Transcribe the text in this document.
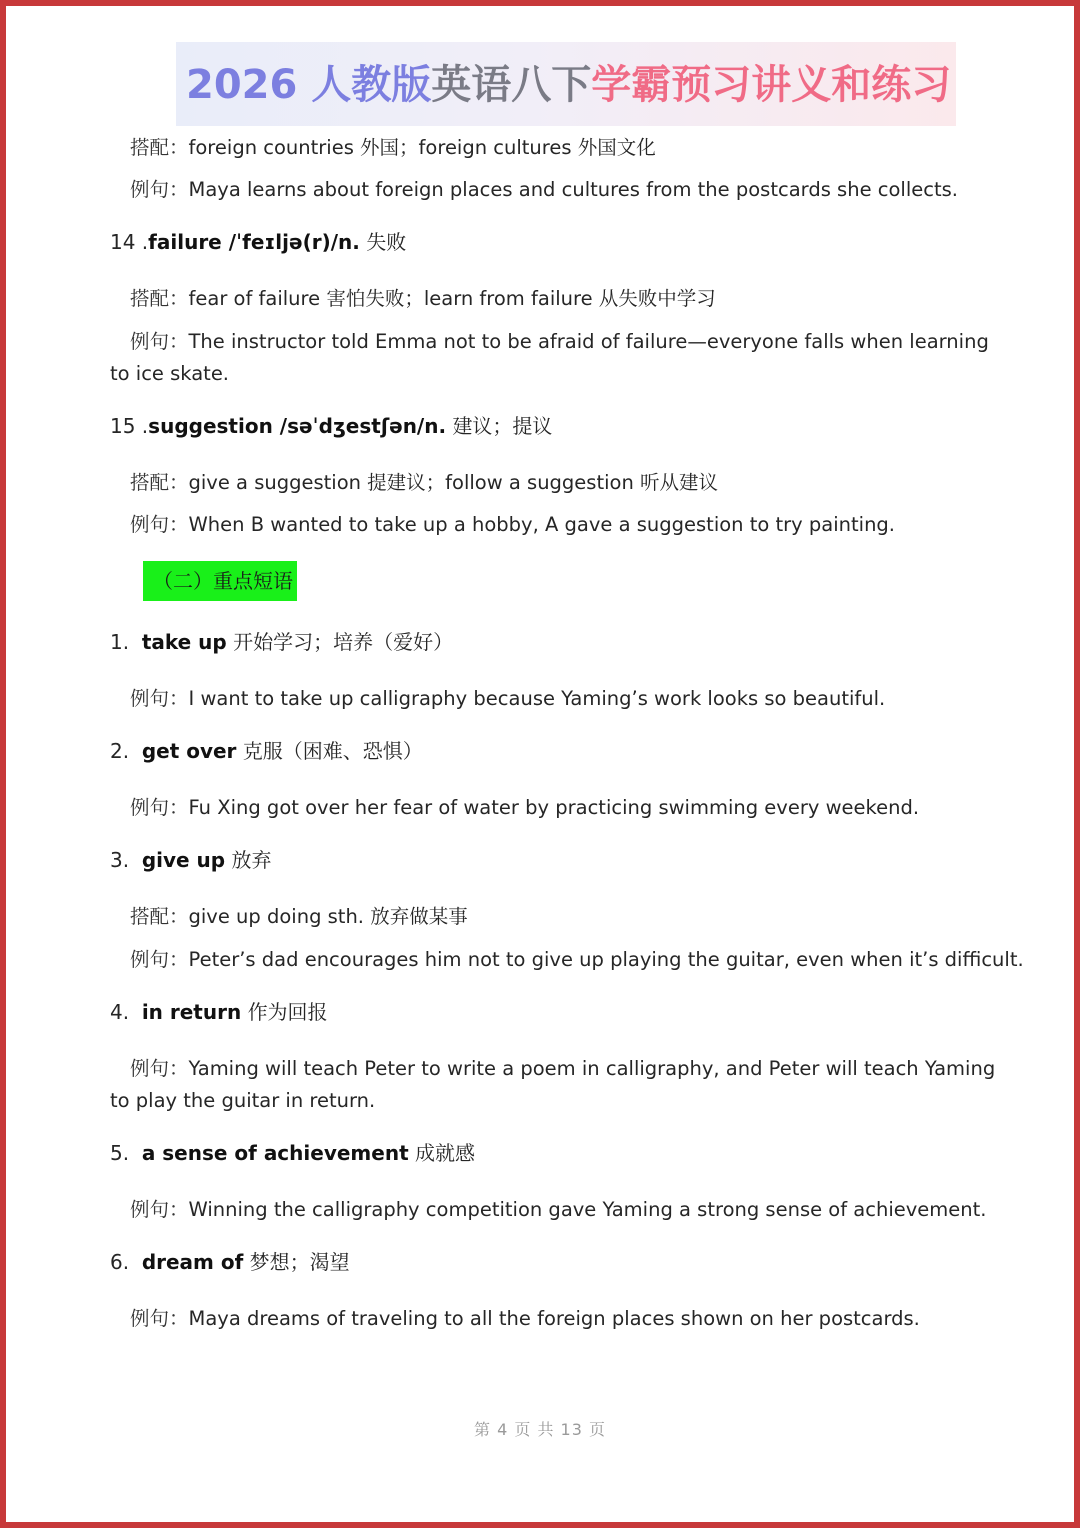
2026 人教版英语八下学霸预习讲义和练习
搭配：foreign countries 外国；foreign cultures 外国文化
例句：Maya learns about foreign places and cultures from the postcards she collects.
14 .failure /ˈfeɪljə(r)/n. 失败
搭配：fear of failure 害怕失败；learn from failure 从失败中学习
例句：The instructor told Emma not to be afraid of failure—everyone falls when learning
to ice skate.
15 .suggestion /səˈdʒestʃən/n. 建议；提议
搭配：give a suggestion 提建议；follow a suggestion 听从建议
例句：When B wanted to take up a hobby, A gave a suggestion to try painting.
（二）重点短语
1. take up 开始学习；培养（爱好）
例句：I want to take up calligraphy because Yaming’s work looks so beautiful.
2. get over 克服（困难、恐惧）
例句：Fu Xing got over her fear of water by practicing swimming every weekend.
3. give up 放弃
搭配：give up doing sth. 放弃做某事
例句：Peter’s dad encourages him not to give up playing the guitar, even when it’s difficult.
4. in return 作为回报
例句：Yaming will teach Peter to write a poem in calligraphy, and Peter will teach Yaming
to play the guitar in return.
5. a sense of achievement 成就感
例句：Winning the calligraphy competition gave Yaming a strong sense of achievement.
6. dream of 梦想；渴望
例句：Maya dreams of traveling to all the foreign places shown on her postcards.
第 4 页 共 13 页
